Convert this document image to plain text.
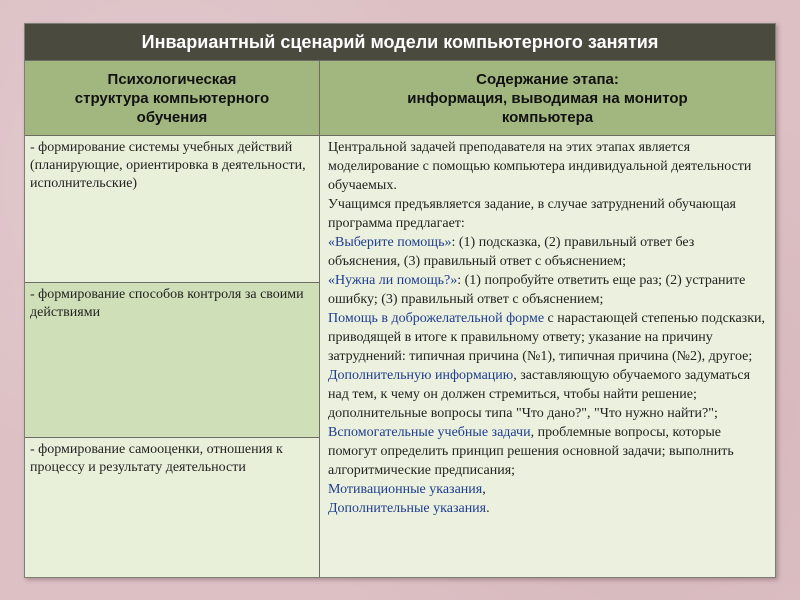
Инвариантный сценарий модели компьютерного занятия
Психологическая
структура компьютерного
обучения
Содержание этапа:
информация, выводимая на монитор
компьютера
- формирование системы учебных действий (планирующие, ориентировка в деятельности, исполнительские)
- формирование способов контроля за своими действиями
- формирование самооценки, отношения к процессу и результату деятельности

Центральной задачей преподавателя на этих этапах является моделирование с помощью компьютера индивидуальной деятельности обучаемых.

Учащимся предъявляется задание, в случае затруднений обучающая программа предлагает:

«Выберите помощь»: (1) подсказка, (2) правильный ответ без объяснения, (3) правильный ответ с объяснением;

«Нужна ли помощь?»: (1) попробуйте ответить еще раз; (2) устраните ошибку; (3) правильный ответ с объяснением;

Помощь в доброжелательной форме с нарастающей степенью подсказки, приводящей в итоге к правильному ответу; указание на причину затруднений: типичная причина (№1), типичная причина (№2), другое;

Дополнительную информацию, заставляющую обучаемого задуматься над тем, к чему он должен стремиться, чтобы найти решение; дополнительные вопросы типа "Что дано?", "Что нужно найти?";

Вспомогательные учебные задачи, проблемные вопросы, которые помогут определить принцип решения основной задачи; выполнить алгоритмические предписания;

Мотивационные указания,

Дополнительные указания.
